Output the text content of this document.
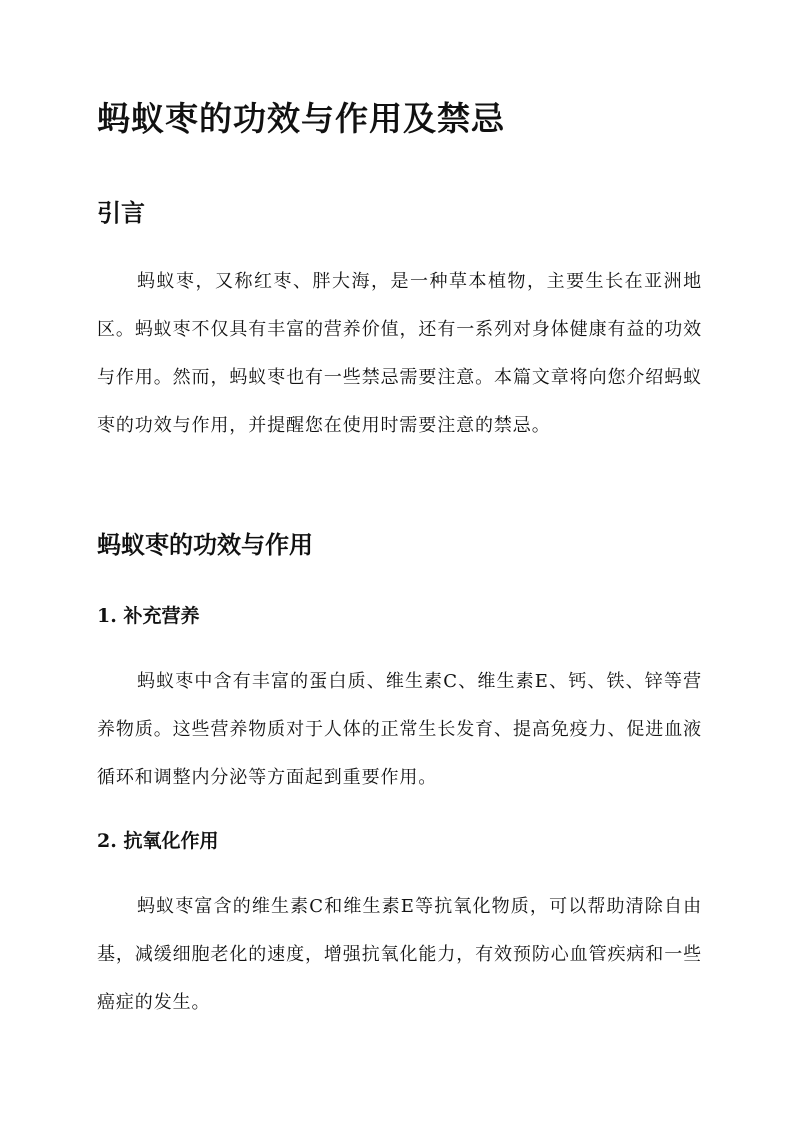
蚂蚁枣的功效与作用及禁忌
引言

蚂蚁枣，又称红枣、胖大海，是一种草本植物，主要生长在亚洲地区。蚂蚁枣不仅具有丰富的营养价值，还有一系列对身体健康有益的功效与作用。然而，蚂蚁枣也有一些禁忌需要注意。本篇文章将向您介绍蚂蚁枣的功效与作用，并提醒您在使用时需要注意的禁忌。

蚂蚁枣的功效与作用
1. 补充营养

蚂蚁枣中含有丰富的蛋白质、维生素C、维生素E、钙、铁、锌等营养物质。这些营养物质对于人体的正常生长发育、提高免疫力、促进血液循环和调整内分泌等方面起到重要作用。

2. 抗氧化作用

蚂蚁枣富含的维生素C和维生素E等抗氧化物质，可以帮助清除自由基，减缓细胞老化的速度，增强抗氧化能力，有效预防心血管疾病和一些癌症的发生。
